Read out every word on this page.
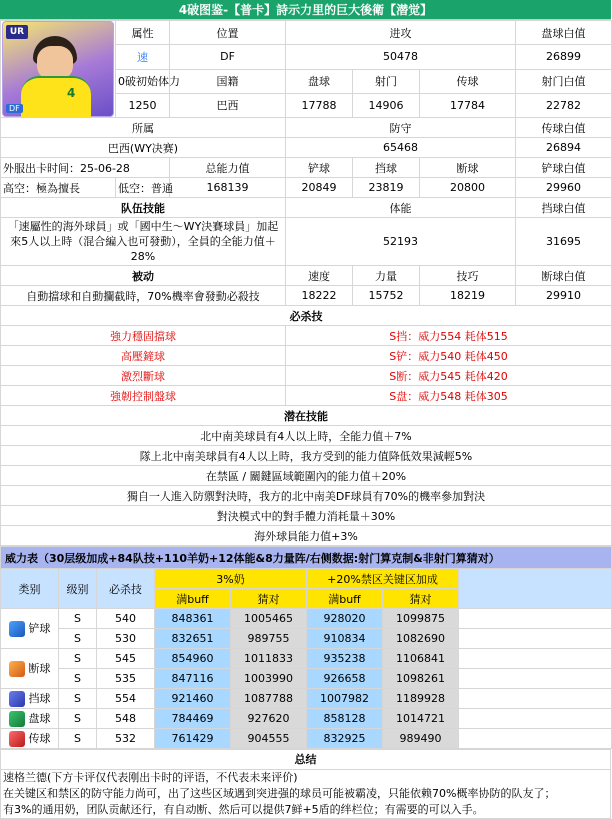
4破图鉴-【普卡】詩示力里的巨大後衛【潜觉】
UR
4
DF	属性	位置	进攻			盘球白值
	速	DF	50478			26899
	0破初始体力	国籍	盘球	射门	传球	射门白值
	1250	巴西	17788	14906	17784	22782
所属			防守			传球白值
巴西(WY决赛)			65468			26894
外服出卡时间：25-06-28		总能力值	铲球	挡球	断球	铲球白值
高空：極為擅長	低空：普通	168139	20849	23819	20800	29960
队伍技能			体能			挡球白值
「速屬性的海外球員」或「國中生～WY決賽球員」加起來5人以上時（混合編入也可發動），全員的全能力值＋28%			52193			31695
被动			速度	力量	技巧	断球白值
自動擋球和自動攔截時，70%機率會發動必殺技			18222	15752	18219	29910
必杀技						
強力穩固擋球			S挡：威力554 耗体515			
高壓鏟球			S铲：威力540 耗体450			
激烈斷球			S断：威力545 耗体420			
強韌控制盤球			S盘：威力548 耗体305			
潜在技能						
北中南美球員有4人以上時，全能力值＋7%						
隊上北中南美球員有4人以上時，我方受到的能力值降低效果減輕5%						
在禁區 / 關鍵區域範圍內的能力值＋20%						
獨自一人進入防禦對決時，我方的北中南美DF球員有70%的機率參加對決						
對決模式中的對手體力消耗量＋30%						
海外球員能力值+3%						
威力表（30层级加成+84队技+110羊奶+12体能&8力量阵/右侧数据:射门算克制&非射门算猜对）							
类别	级别	必杀技	3%奶		+20%禁区关键区加成		
			满buff	猜对	满buff	猜对	
铲球	S	540	848361	1005465	928020	1099875	
	S	530	832651	989755	910834	1082690	
断球	S	545	854960	1011833	935238	1106841	
	S	535	847116	1003990	926658	1098261	
挡球	S	554	921460	1087788	1007982	1189928	
盘球	S	548	784469	927620	858128	1014721	
传球	S	532	761429	904555	832925	989490	
总结

速格兰德(下方卡评仅代表刚出卡时的评语，不代表未来评价)
在关键区和禁区的防守能力尚可，出了这些区域遇到突进强的球员可能被霸凌，只能依赖70%概率协防的队友了；
有3%的通用奶，团队贡献还行，有自动断、然后可以提供7鲜+5盾的绊栏位；有需要的可以入手。
